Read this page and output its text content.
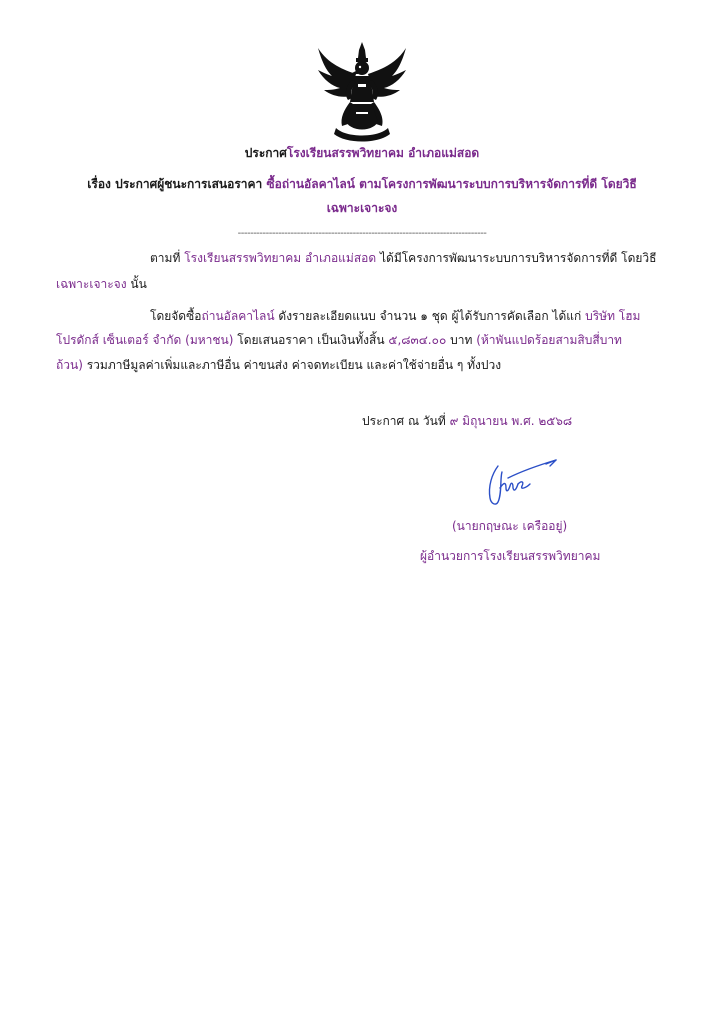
ประกาศโรงเรียนสรรพวิทยาคม อำเภอแม่สอด
เรื่อง ประกาศผู้ชนะการเสนอราคา ซื้อถ่านอัลคาไลน์ ตามโครงการพัฒนาระบบการบริหารจัดการที่ดี โดยวิธี
เฉพาะเจาะจง
--------------------------------------------------------------------------------
ตามที่ โรงเรียนสรรพวิทยาคม อำเภอแม่สอด ได้มีโครงการพัฒนาระบบการบริหารจัดการที่ดี โดยวิธี
เฉพาะเจาะจง นั้น
โดยจัดซื้อถ่านอัลคาไลน์ ดังรายละเอียดแนบ จำนวน ๑ ชุด ผู้ได้รับการคัดเลือก ได้แก่ บริษัท โฮม
โปรดักส์ เซ็นเตอร์ จำกัด (มหาชน) โดยเสนอราคา เป็นเงินทั้งสิ้น ๕,๘๓๔.๐๐ บาท (ห้าพันแปดร้อยสามสิบสี่บาท
ถ้วน) รวมภาษีมูลค่าเพิ่มและภาษีอื่น ค่าขนส่ง ค่าจดทะเบียน และค่าใช้จ่ายอื่น ๆ ทั้งปวง
ประกาศ ณ วันที่ ๙ มิถุนายน พ.ศ. ๒๕๖๘
(นายกฤษณะ เครืออยู่)
ผู้อำนวยการโรงเรียนสรรพวิทยาคม
